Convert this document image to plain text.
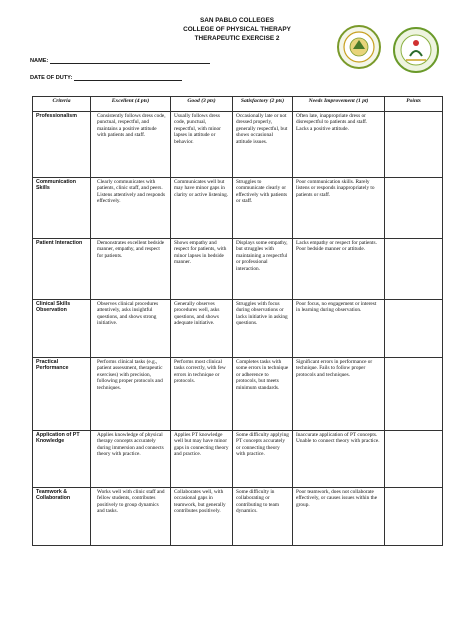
SAN PABLO COLLEGES
COLLEGE OF PHYSICAL THERAPY
THERAPEUTIC EXERCISE 2
NAME:
DATE OF DUTY:
Criteria	Excellent (4 pts)	Good (3 pts)	Satisfactory (2 pts)	Needs Improvement (1 pt)	Points
Professionalism	Consistently follows dress code, punctual, respectful, and maintains a positive attitude with patients and staff.	Usually follows dress code, punctual, respectful, with minor lapses in attitude or behavior.	Occasionally late or not dressed properly, generally respectful, but shows occasional attitude issues.	Often late, inappropriate dress or disrespectful to patients and staff. Lacks a positive attitude.	
Communication Skills	Clearly communicates with patients, clinic staff, and peers. Listens attentively and responds effectively.	Communicates well but may have minor gaps in clarity or active listening.	Struggles to communicate clearly or effectively with patients or staff.	Poor communication skills. Rarely listens or responds inappropriately to patients or staff.	
Patient Interaction	Demonstrates excellent bedside manner, empathy, and respect for patients.	Shows empathy and respect for patients, with minor lapses in bedside manner.	Displays some empathy, but struggles with maintaining a respectful or professional interaction.	Lacks empathy or respect for patients. Poor bedside manner or attitude.	
Clinical Skills Observation	Observes clinical procedures attentively, asks insightful questions, and shows strong initiative.	Generally observes procedures well, asks questions, and shows adequate initiative.	Struggles with focus during observations or lacks initiative in asking questions.	Poor focus, no engagement or interest in learning during observation.	
Practical Performance	Performs clinical tasks (e.g., patient assessment, therapeutic exercises) with precision, following proper protocols and techniques.	Performs most clinical tasks correctly, with few errors in technique or protocols.	Completes tasks with some errors in technique or adherence to protocols, but meets minimum standards.	Significant errors in performance or technique. Fails to follow proper protocols and techniques.	
Application of PT Knowledge	Applies knowledge of physical therapy concepts accurately during immersion and connects theory with practice.	Applies PT knowledge well but may have minor gaps in connecting theory and practice.	Some difficulty applying PT concepts accurately or connecting theory with practice.	Inaccurate application of PT concepts. Unable to connect theory with practice.	
Teamwork & Collaboration	Works well with clinic staff and fellow students, contributes positively to group dynamics and tasks.	Collaborates well, with occasional gaps in teamwork, but generally contributes positively.	Some difficulty in collaborating or contributing to team dynamics.	Poor teamwork, does not collaborate effectively, or causes issues within the group.	
